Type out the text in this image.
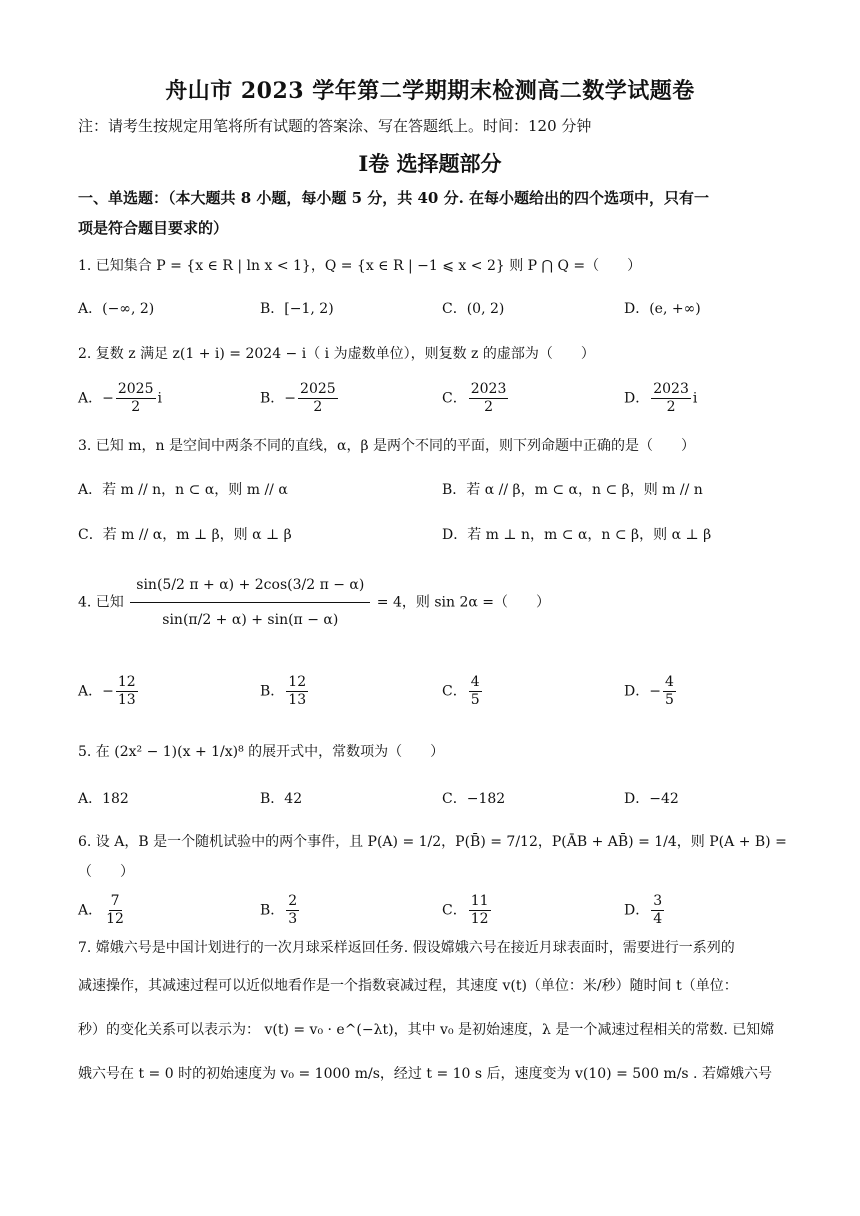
舟山市 2023 学年第二学期期末检测高二数学试题卷
注：请考生按规定用笔将所有试题的答案涂、写在答题纸上。时间：120 分钟
Ⅰ卷 选择题部分
一、单选题：（本大题共 8 小题，每小题 5 分，共 40 分. 在每小题给出的四个选项中，只有一
项是符合题目要求的）
1. 已知集合 P = {x ∈ R | ln x < 1}，Q = {x ∈ R | −1 ⩽ x < 2} 则 P ⋂ Q =（　　）
A．(−∞, 2)	B．[−1, 2)	C．(0, 2)	D．(e, +∞)
2. 复数 z 满足 z(1 + i) = 2024 − i（ i 为虚数单位），则复数 z 的虚部为（　　）
A．− $\frac{2025}{2}$ i	B．− $\frac{2025}{2}$	C． $\frac{2023}{2}$	D． $\frac{2023}{2}$ i
3. 已知 m，n 是空间中两条不同的直线，α，β 是两个不同的平面，则下列命题中正确的是（　　）
A．若 m // n，n ⊂ α，则 m // α	B．若 α // β，m ⊂ α，n ⊂ β，则 m // n
C．若 m // α，m ⊥ β，则 α ⊥ β	D．若 m ⊥ n，m ⊂ α，n ⊂ β，则 α ⊥ β
4. 已知 $\frac{\sin(5/2 \pi + \alpha) + 2\cos(3/2 \pi - \alpha)}{\sin(\pi/2 + \alpha) + \sin(\pi - \alpha)} = 4$，则 sin 2α =（　　）
A．− $\frac{12}{13}$	B． $\frac{12}{13}$	C． $\frac{4}{5}$	D．− $\frac{4}{5}$
5. 在 (2x² − 1)(x + 1/x)⁸ 的展开式中，常数项为（　　）
A．182	B．42	C．−182	D．−42
6. 设 A，B 是一个随机试验中的两个事件，且 P(A) = 1/2，P(B̄) = 7/12，P(ĀB + AB̄) = 1/4，则 P(A + B) =
（　　）
A． $\frac{7}{12}$	B． $\frac{2}{3}$	C． $\frac{11}{12}$	D． $\frac{3}{4}$
7. 嫦娥六号是中国计划进行的一次月球采样返回任务. 假设嫦娥六号在接近月球表面时，需要进行一系列的
减速操作，其减速过程可以近似地看作是一个指数衰减过程，其速度 v(t)（单位：米/秒）随时间 t（单位：
秒）的变化关系可以表示为： v(t) = v₀ · e^(−λt)，其中 v₀ 是初始速度，λ 是一个减速过程相关的常数. 已知嫦
娥六号在 t = 0 时的初始速度为 v₀ = 1000 m/s，经过 t = 10 s 后，速度变为 v(10) = 500 m/s . 若嫦娥六号
